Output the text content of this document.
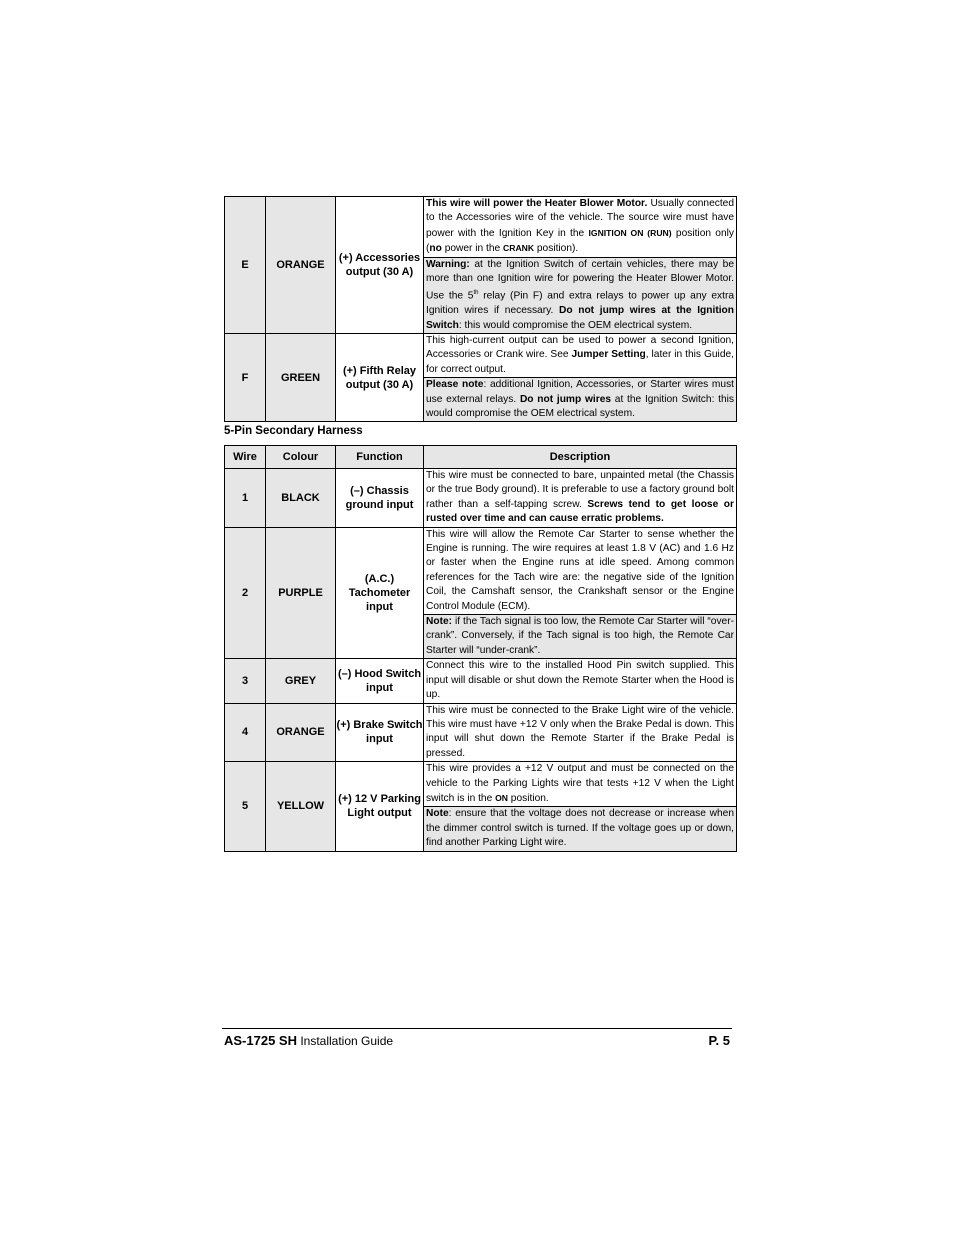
E	ORANGE	(+) Accessories output (30 A)	This wire will power the Heater Blower Motor. Usually connected to the Accessories wire of the vehicle. The source wire must have power with the Ignition Key in the IGNITION ON (RUN) position only (no power in the CRANK position).
			Warning: at the Ignition Switch of certain vehicles, there may be more than one Ignition wire for powering the Heater Blower Motor. Use the 5th relay (Pin F) and extra relays to power up any extra Ignition wires if necessary. Do not jump wires at the Ignition Switch: this would compromise the OEM electrical system.
F	GREEN	(+) Fifth Relay output (30 A)	This high-current output can be used to power a second Ignition, Accessories or Crank wire. See Jumper Setting, later in this Guide, for correct output.
			Please note: additional Ignition, Accessories, or Starter wires must use external relays. Do not jump wires at the Ignition Switch: this would compromise the OEM electrical system.
5-Pin Secondary Harness
Wire	Colour	Function	Description
1	BLACK	(–) Chassis ground input	This wire must be connected to bare, unpainted metal (the Chassis or the true Body ground). It is preferable to use a factory ground bolt rather than a self-tapping screw. Screws tend to get loose or rusted over time and can cause erratic problems.
2	PURPLE	(A.C.) Tachometer input	This wire will allow the Remote Car Starter to sense whether the Engine is running. The wire requires at least 1.8 V (AC) and 1.6 Hz or faster when the Engine runs at idle speed. Among common references for the Tach wire are: the negative side of the Ignition Coil, the Camshaft sensor, the Crankshaft sensor or the Engine Control Module (ECM).
			Note: if the Tach signal is too low, the Remote Car Starter will “over-crank”. Conversely, if the Tach signal is too high, the Remote Car Starter will “under-crank”.
3	GREY	(–) Hood Switch input	Connect this wire to the installed Hood Pin switch supplied. This input will disable or shut down the Remote Starter when the Hood is up.
4	ORANGE	(+) Brake Switch input	This wire must be connected to the Brake Light wire of the vehicle. This wire must have +12 V only when the Brake Pedal is down. This input will shut down the Remote Starter if the Brake Pedal is pressed.
5	YELLOW	(+) 12 V Parking Light output	This wire provides a +12 V output and must be connected on the vehicle to the Parking Lights wire that tests +12 V when the Light switch is in the ON position.
			Note: ensure that the voltage does not decrease or increase when the dimmer control switch is turned. If the voltage goes up or down, find another Parking Light wire.
AS-1725 SH Installation Guide	P. 5
